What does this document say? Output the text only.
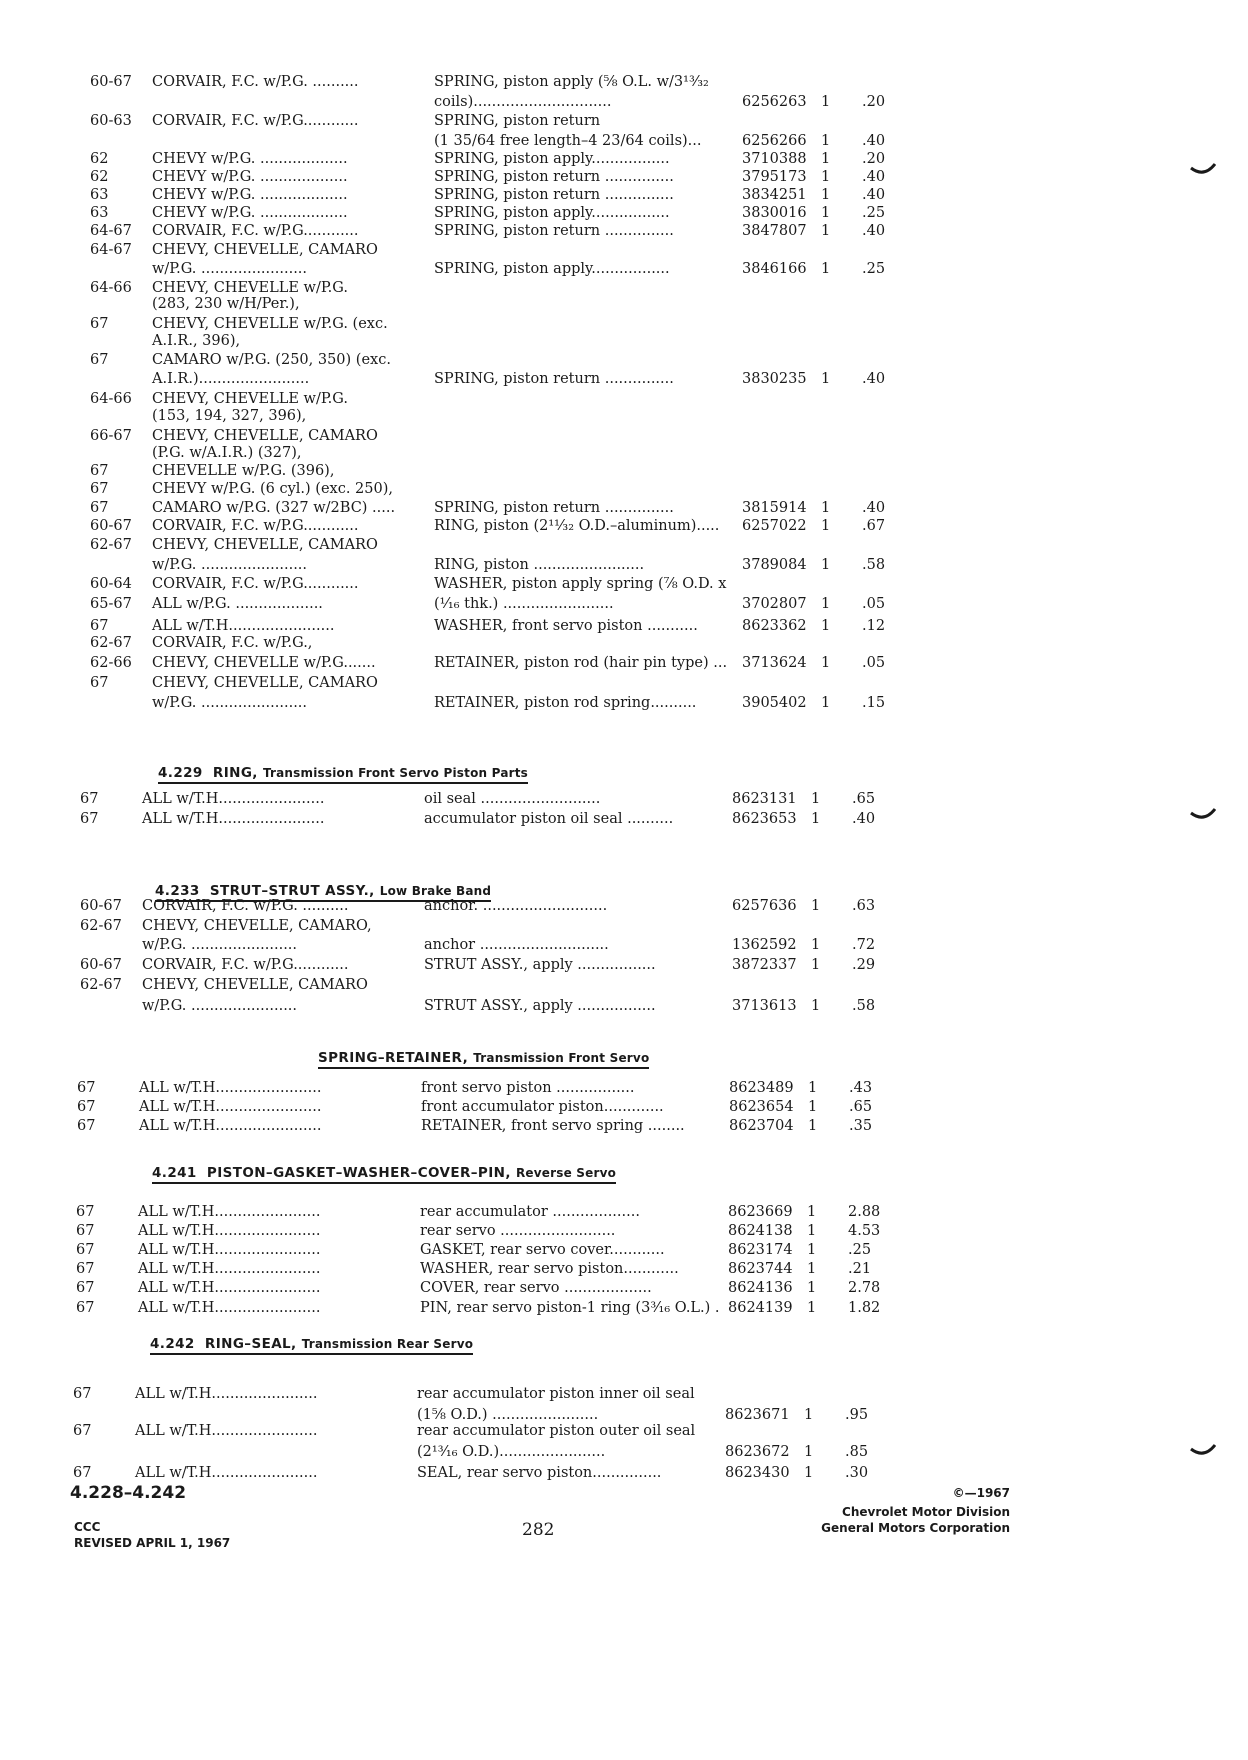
60-67 CORVAIR, F.C. w/P.G. ..........	SPRING, piston apply (⅝ O.L. w/3¹³⁄₃₂
coils)..............................	6256263 1 .20
60-63 CORVAIR, F.C. w/P.G............	SPRING, piston return
(1 35/64 free length–4 23/64 coils)...	6256266 1 .40
62	CHEVY w/P.G. ...................	SPRING, piston apply.................	3710388 1 .20
62	CHEVY w/P.G. ...................	SPRING, piston return ...............	3795173 1 .40
63	CHEVY w/P.G. ...................	SPRING, piston return ...............	3834251 1 .40
63	CHEVY w/P.G. ...................	SPRING, piston apply.................	3830016 1 .25
64-67 CORVAIR, F.C. w/P.G............	SPRING, piston return ...............	3847807 1 .40
64-67 CHEVY, CHEVELLE, CAMARO
w/P.G. .......................	SPRING, piston apply.................	3846166 1 .25
64-66 CHEVY, CHEVELLE w/P.G.
(283, 230 w/H/Per.),
67	CHEVY, CHEVELLE w/P.G. (exc.
A.I.R., 396),
67	CAMARO w/P.G. (250, 350) (exc.
A.I.R.)........................	SPRING, piston return ...............	3830235 1 .40
64-66 CHEVY, CHEVELLE w/P.G.
(153, 194, 327, 396),
66-67 CHEVY, CHEVELLE, CAMARO
(P.G. w/A.I.R.) (327),
67	CHEVELLE w/P.G. (396),
67	CHEVY w/P.G. (6 cyl.) (exc. 250),
67	CAMARO w/P.G. (327 w/2BC) .....	SPRING, piston return ...............	3815914 1 .40
60-67 CORVAIR, F.C. w/P.G............	RING, piston (2¹¹⁄₃₂ O.D.–aluminum)..... 6257022 1 .67
62-67 CHEVY, CHEVELLE, CAMARO
w/P.G. .......................	RING, piston ........................	3789084 1 .58
60-64 CORVAIR, F.C. w/P.G............	WASHER, piston apply spring (⅞ O.D. x
65-67 ALL w/P.G. ...................	(¹⁄₁₆ thk.) ........................	3702807 1 .05
67	ALL w/T.H.......................	WASHER, front servo piston ...........	8623362 1 .12
62-67 CORVAIR, F.C. w/P.G.,
62-66 CHEVY, CHEVELLE w/P.G.......	RETAINER, piston rod (hair pin type) ... 3713624 1 .05
67	CHEVY, CHEVELLE, CAMARO
w/P.G. .......................	RETAINER, piston rod spring..........	3905402 1 .15
67	ALL w/T.H.......................	oil seal ..........................	8623131 1 .65
67	ALL w/T.H.......................	accumulator piston oil seal ..........	8623653 1 .40
60-67 CORVAIR, F.C. w/P.G. ..........	anchor. ...........................	6257636 1 .63
62-67 CHEVY, CHEVELLE, CAMARO,
w/P.G. .......................	anchor ............................	1362592 1 .72
60-67 CORVAIR, F.C. w/P.G............	STRUT ASSY., apply .................	3872337 1 .29
62-67 CHEVY, CHEVELLE, CAMARO
w/P.G. .......................	STRUT ASSY., apply .................	3713613 1 .58
67	ALL w/T.H.......................	front servo piston .................	8623489 1 .43
67	ALL w/T.H.......................	front accumulator piston.............	8623654 1 .65
67	ALL w/T.H.......................	RETAINER, front servo spring ........	8623704 1 .35
67	ALL w/T.H.......................	rear accumulator ...................	8623669 1 2.88
67	ALL w/T.H.......................	rear servo .........................	8624138 1 4.53
67	ALL w/T.H.......................	GASKET, rear servo cover............	8623174 1 .25
67	ALL w/T.H.......................	WASHER, rear servo piston............	8623744 1 .21
67	ALL w/T.H.......................	COVER, rear servo ...................	8624136 1 2.78
67	ALL w/T.H.......................	PIN, rear servo piston-1 ring (3³⁄₁₆ O.L.) . 8624139 1 1.82
67	ALL w/T.H.......................	rear accumulator piston inner oil seal
(1⅝ O.D.) .......................	8623671 1 .95
67	ALL w/T.H.......................	rear accumulator piston outer oil seal
(2¹³⁄₁₆ O.D.).......................	8623672 1 .85
67	ALL w/T.H.......................	SEAL, rear servo piston...............	8623430 1 .30
4.229 RING, Transmission Front Servo Piston Parts
4.233 STRUT–STRUT ASSY., Low Brake Band
SPRING–RETAINER, Transmission Front Servo
4.241 PISTON–GASKET–WASHER–COVER–PIN, Reverse Servo
4.242 RING–SEAL, Transmission Rear Servo
4.228–4.242
CCC
REVISED APRIL 1, 1967
282
©—1967
Chevrolet Motor Division
General Motors Corporation
